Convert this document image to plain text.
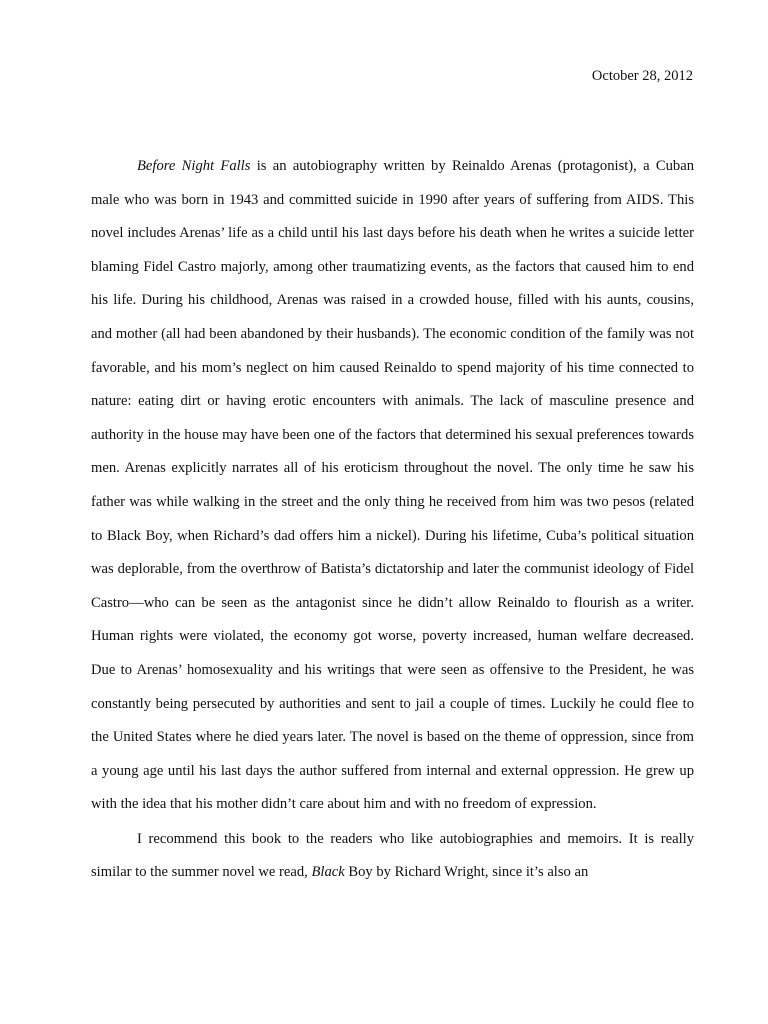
October 28, 2012

Before Night Falls is an autobiography written by Reinaldo Arenas (protagonist), a Cuban male who was born in 1943 and committed suicide in 1990 after years of suffering from AIDS. This novel includes Arenas’ life as a child until his last days before his death when he writes a suicide letter blaming Fidel Castro majorly, among other traumatizing events, as the factors that caused him to end his life. During his childhood, Arenas was raised in a crowded house, filled with his aunts, cousins, and mother (all had been abandoned by their husbands). The economic condition of the family was not favorable, and his mom’s neglect on him caused Reinaldo to spend majority of his time connected to nature: eating dirt or having erotic encounters with animals. The lack of masculine presence and authority in the house may have been one of the factors that determined his sexual preferences towards men. Arenas explicitly narrates all of his eroticism throughout the novel. The only time he saw his father was while walking in the street and the only thing he received from him was two pesos (related to Black Boy, when Richard’s dad offers him a nickel). During his lifetime, Cuba’s political situation was deplorable, from the overthrow of Batista’s dictatorship and later the communist ideology of Fidel Castro—who can be seen as the antagonist since he didn’t allow Reinaldo to flourish as a writer. Human rights were violated, the economy got worse, poverty increased, human welfare decreased. Due to Arenas’ homosexuality and his writings that were seen as offensive to the President, he was constantly being persecuted by authorities and sent to jail a couple of times. Luckily he could flee to the United States where he died years later. The novel is based on the theme of oppression, since from a young age until his last days the author suffered from internal and external oppression. He grew up with the idea that his mother didn’t care about him and with no freedom of expression.

I recommend this book to the readers who like autobiographies and memoirs. It is really similar to the summer novel we read, Black Boy by Richard Wright, since it’s also an
